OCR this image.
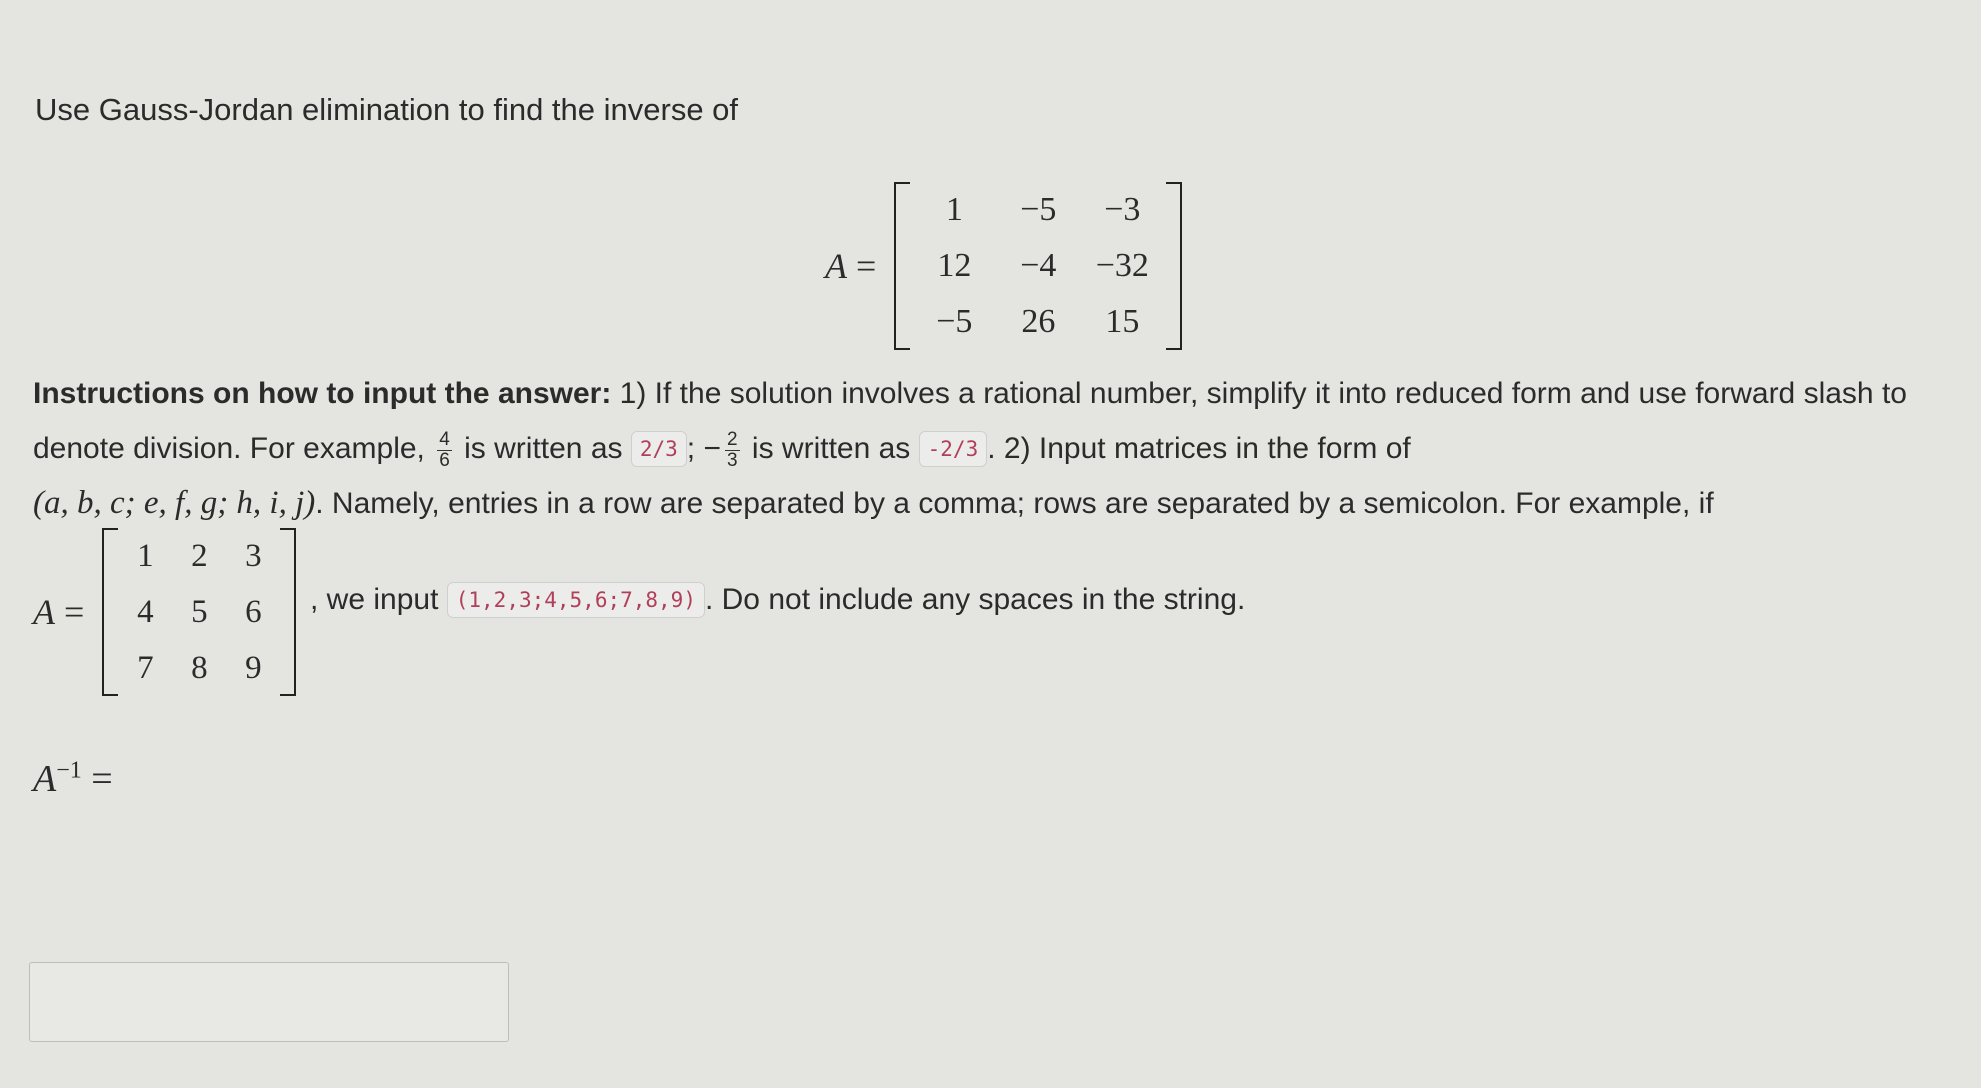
Use Gauss-Jordan elimination to find the inverse of
A =
1	−5	−3
12	−4	−32
−5	26	15

Instructions on how to input the answer: 1) If the solution involves a rational number, simplify it into reduced form and use forward slash to denote division. For example, $\frac{4}{6}$ is written as 2/3 ; − $\frac{2}{3}$ is written as -2/3 . 2) Input matrices in the form of

(a, b, c; e, f, g; h, i, j). Namely, entries in a row are separated by a comma; rows are separated by a semicolon. For example, if

A =
1	2	3
4	5	6
7	8	9
, we input (1,2,3;4,5,6;7,8,9) . Do not include any spaces in the string.
$A^{-1}$ =
